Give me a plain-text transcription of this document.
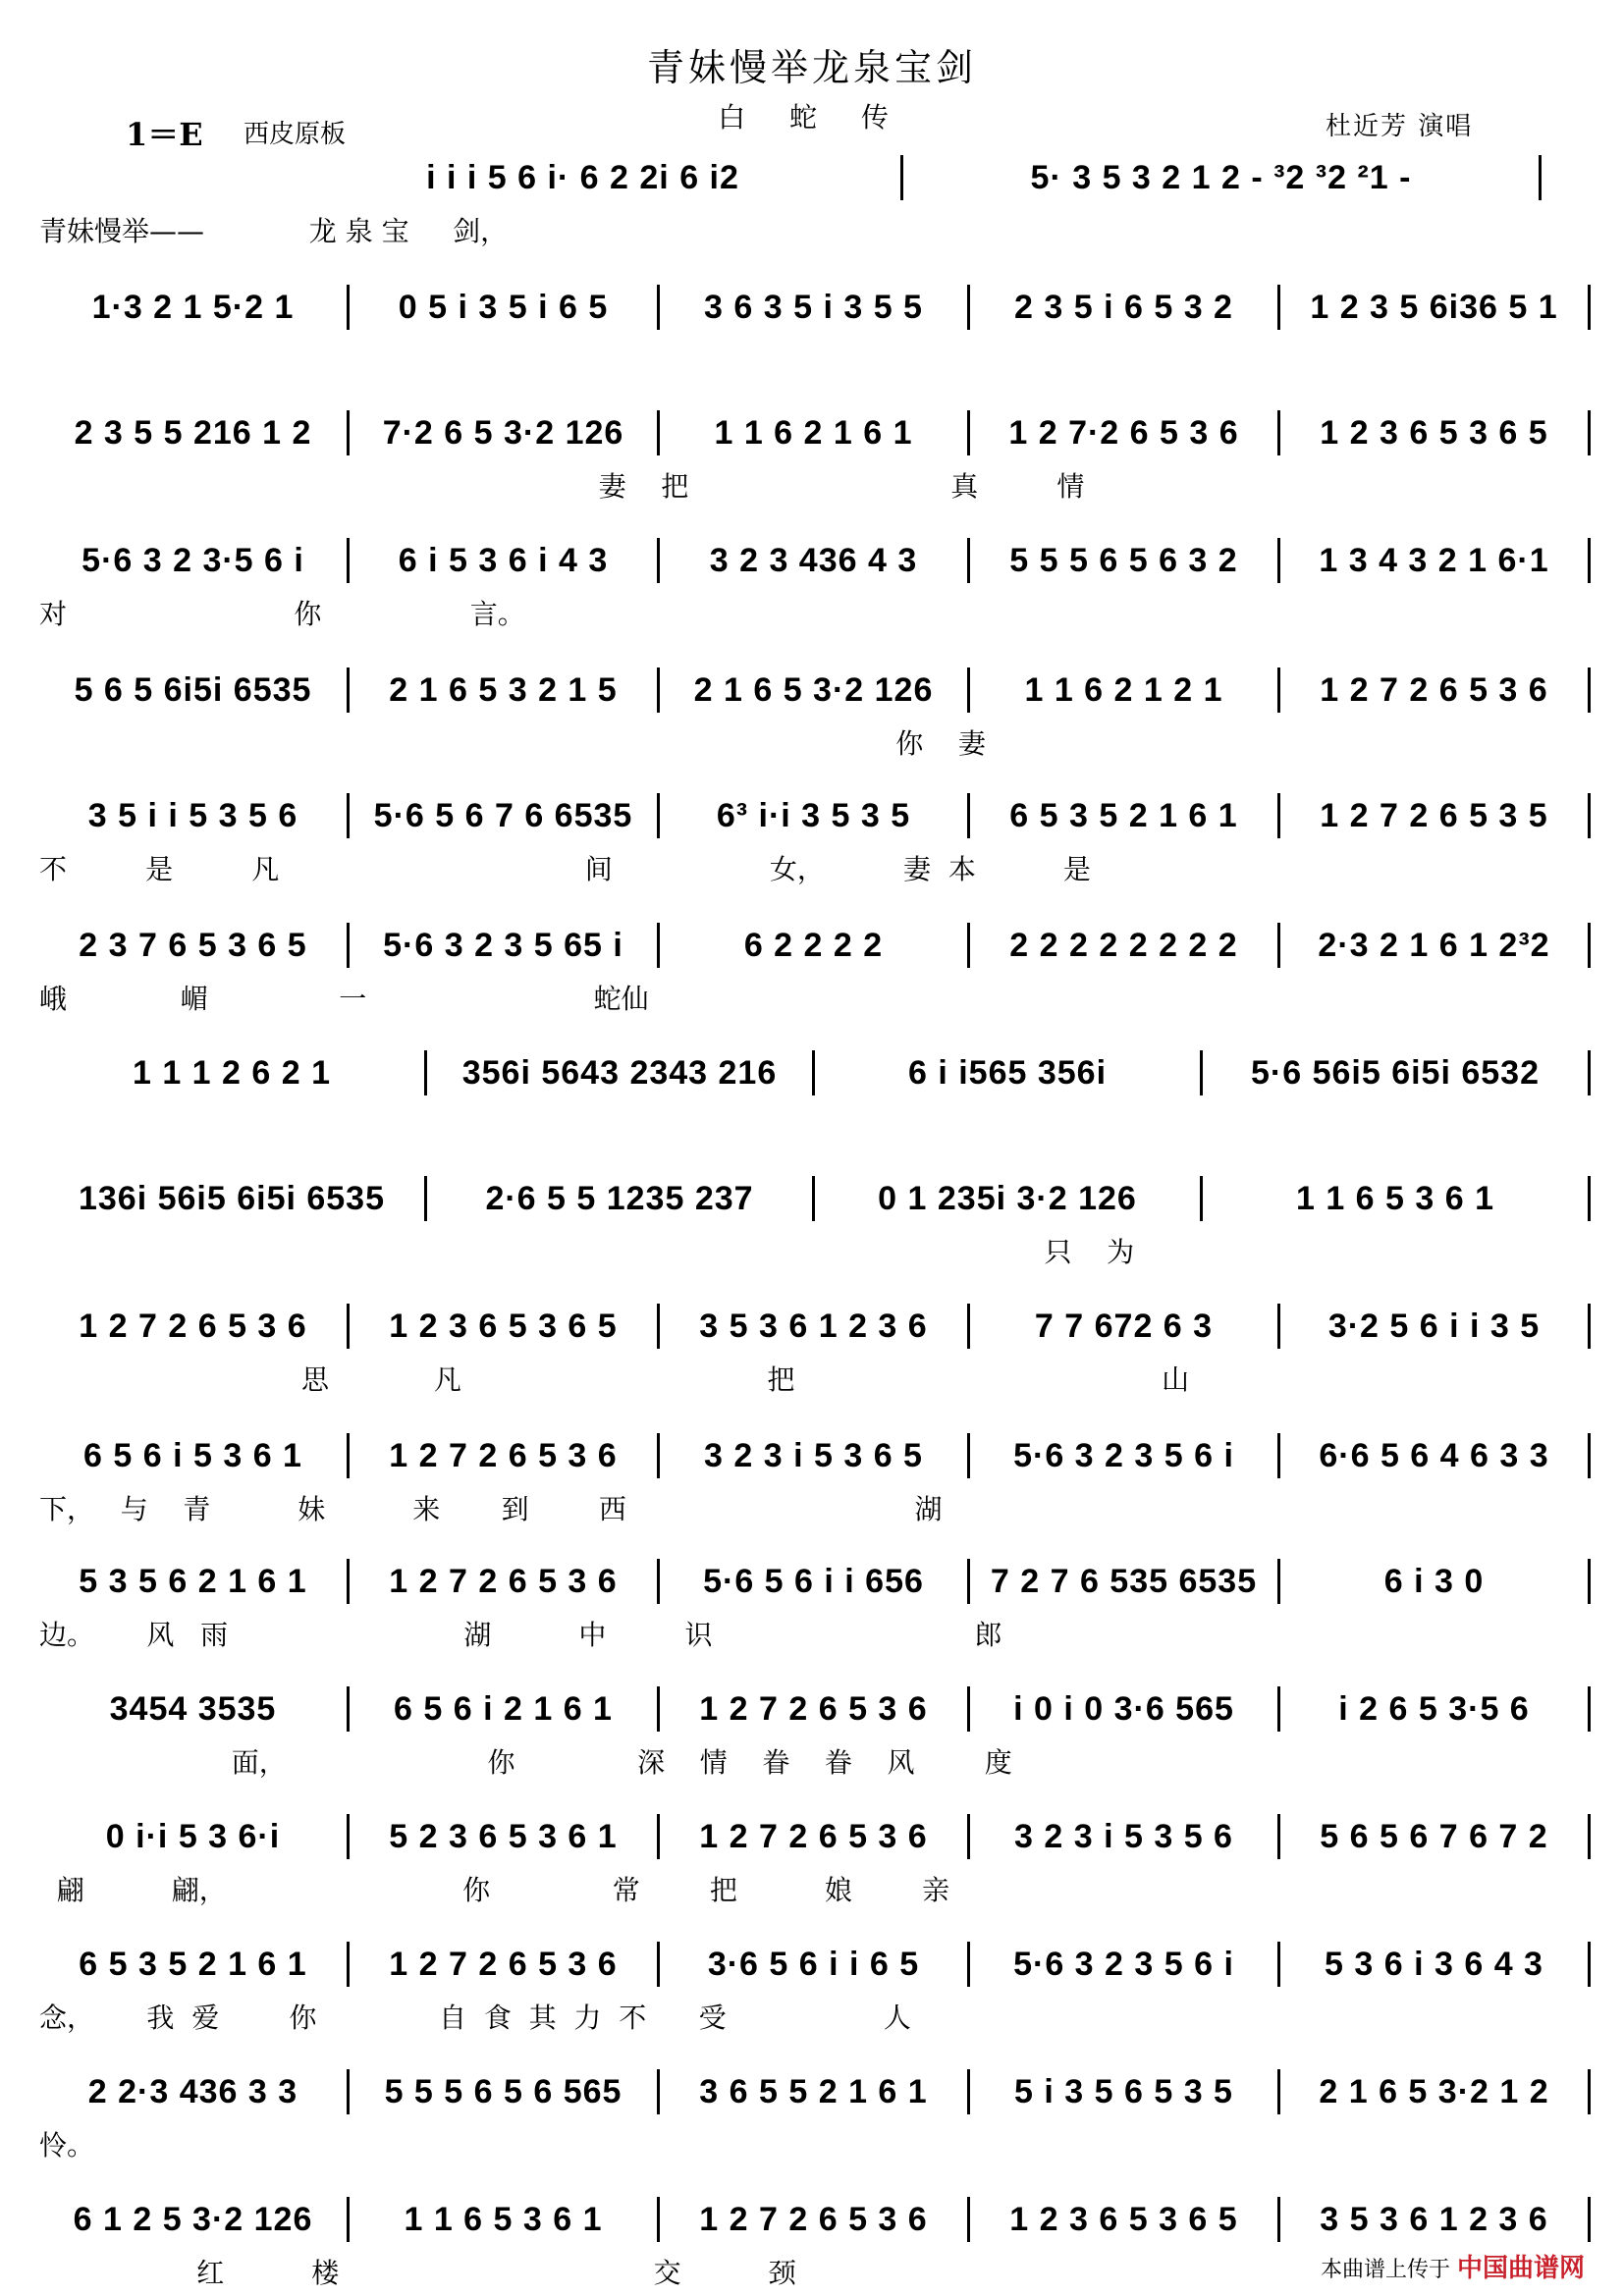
青妹慢举龙泉宝剑
白 蛇 传
1＝E 西皮原板	杜近芳 演唱
i i i 5 6 i· 6 2 2i 6 i2	5· 3 5 3 2 1 2 - ³2 ³2 ²1 -
青妹慢举——            龙 泉 宝     剑，
1·3 2 1 5·2 1	0 5 i 3 5 i 6 5	3 6 3 5 i 3 5 5	2 3 5 i 6 5 3 2	1 2 3 5 6i36 5 1
2 3 5 5 216 1 2	7·2 6 5 3·2 126	1 1 6 2 1 6 1	1 2 7·2 6 5 3 6	1 2 3 6 5 3 6 5
妻    把                              真         情
5·6 3 2 3·5 6 i	6 i 5 3 6 i 4 3	3 2 3 436 4 3	5 5 5 6 5 6 3 2	1 3 4 3 2 1 6·1
对                          你                 言。
5 6 5 6i5i 6535	2 1 6 5 3 2 1 5	2 1 6 5 3·2 126	1 1 6 2 1 2 1	1 2 7 2 6 5 3 6
你    妻
3 5 i i 5 3 5 6	5·6 5 6 7 6 6535	6³ i·i 3 5 3 5	6 5 3 5 2 1 6 1	1 2 7 2 6 5 3 5
不         是         凡                                   间                  女，         妻  本          是
2 3 7 6 5 3 6 5	5·6 3 2 3 5 65 i	6 2 2 2 2	2 2 2 2 2 2 2 2	2·3 2 1 6 1 2³2
峨             嵋               一                          蛇仙
1 1 1 2 6 2 1	356i 5643 2343 216	6 i i565 356i	5·6 56i5 6i5i 6532
136i 56i5 6i5i 6535	2·6 5 5 1235 237	0 1 235i 3·2 126	1 1 6 5 3 6 1
只    为
1 2 7 2 6 5 3 6	1 2 3 6 5 3 6 5	3 5 3 6 1 2 3 6	7 7 672 6 3	3·2 5 6 i i 3 5
思            凡                                   把                                          山
6 5 6 i 5 3 6 1	1 2 7 2 6 5 3 6	3 2 3 i 5 3 6 5	5·6 3 2 3 5 6 i	6·6 5 6 4 6 3 3
下，   与    青          妹          来       到        西                                 湖
5 3 5 6 2 1 6 1	1 2 7 2 6 5 3 6	5·6 5 6 i i 656	7 2 7 6 535 6535	6 i 3 0
边。      风   雨                           湖          中         识                              郎
3454 3535	6 5 6 i 2 1 6 1	1 2 7 2 6 5 3 6	i 0 i 0 3·6 565	i 2 6 5 3·5 6
面，                       你              深    情    眷    眷    风        度
0 i·i 5 3 6·i	5 2 3 6 5 3 6 1	1 2 7 2 6 5 3 6	3 2 3 i 5 3 5 6	5 6 5 6 7 6 7 2
翩          翩，                           你              常        把          娘        亲
6 5 3 5 2 1 6 1	1 2 7 2 6 5 3 6	3·6 5 6 i i 6 5	5·6 3 2 3 5 6 i	5 3 6 i 3 6 4 3
念，      我  爱        你              自  食  其  力  不      受                  人
2 2·3 436 3 3	5 5 5 6 5 6 565	3 6 5 5 2 1 6 1	5 i 3 5 6 5 3 5	2 1 6 5 3·2 1 2
怜。
6 1 2 5 3·2 126	1 1 6 5 3 6 1	1 2 7 2 6 5 3 6	1 2 3 6 5 3 6 5	3 5 3 6 1 2 3 6
红          楼                                    交          颈	本曲谱上传于 中国曲谱网
